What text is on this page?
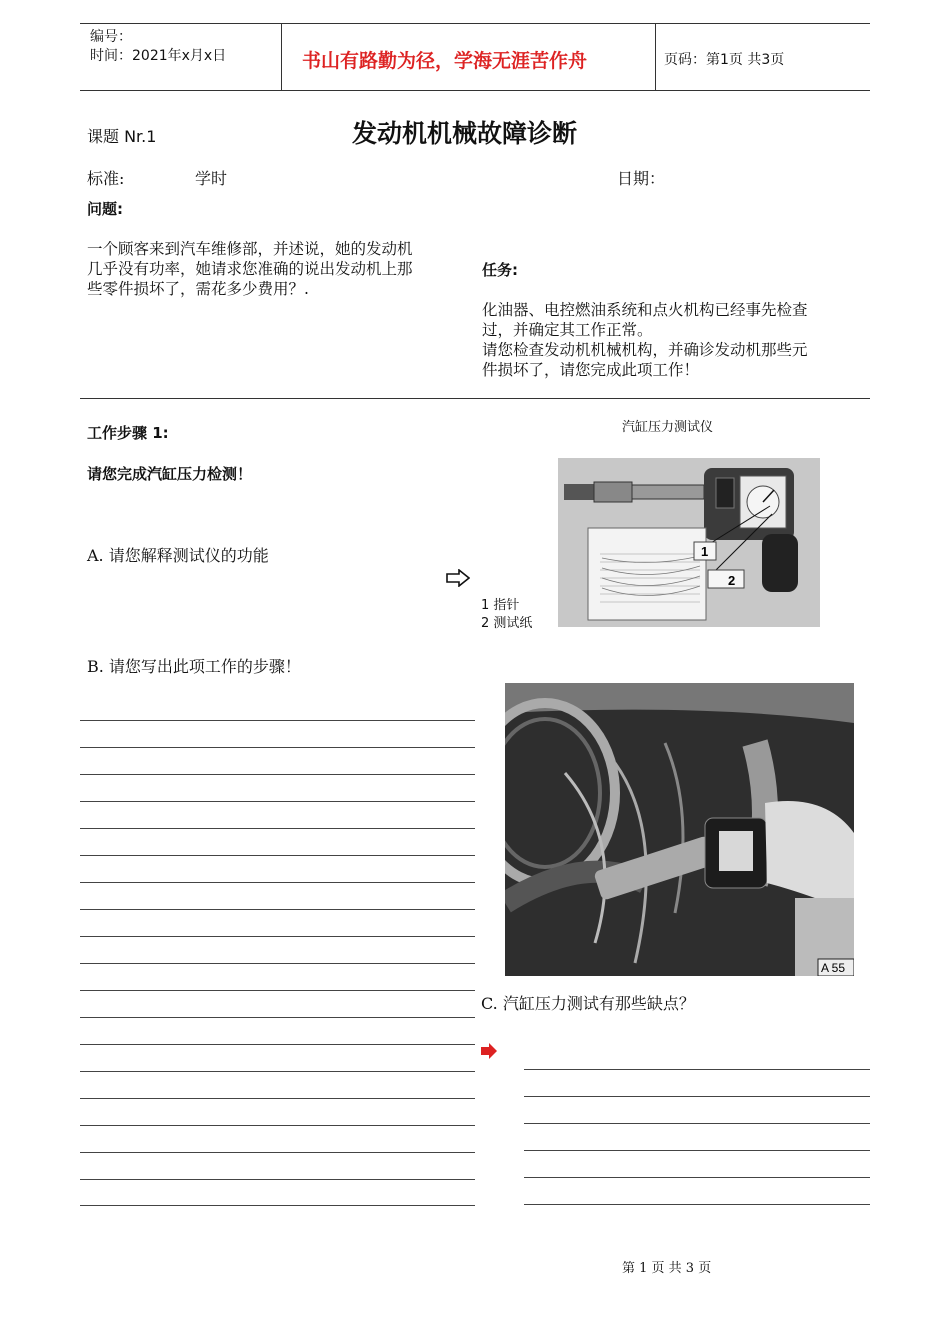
编号：
时间：2021年x月x日	书山有路勤为径，学海无涯苦作舟	页码：第1页 共3页
课题 Nr.1	发动机机械故障诊断
标准:	学时	日期：
问题:
一个顾客来到汽车维修部，并述说，她的发动机
几乎没有功率，她请求您准确的说出发动机上那
些零件损坏了，需花多少费用？.
任务:
化油器、电控燃油系统和点火机构已经事先检查
过，并确定其工作正常。
请您检查发动机机械机构，并确诊发动机那些元
件损坏了，请您完成此项工作！
工作步骤 1:
请您完成汽缸压力检测！
汽缸压力测试仪
A. 请您解释测试仪的功能
1 指针
2 测试纸
1
2
B. 请您写出此项工作的步骤！
A 55
C. 汽缸压力测试有那些缺点？
第 1 页 共 3 页
